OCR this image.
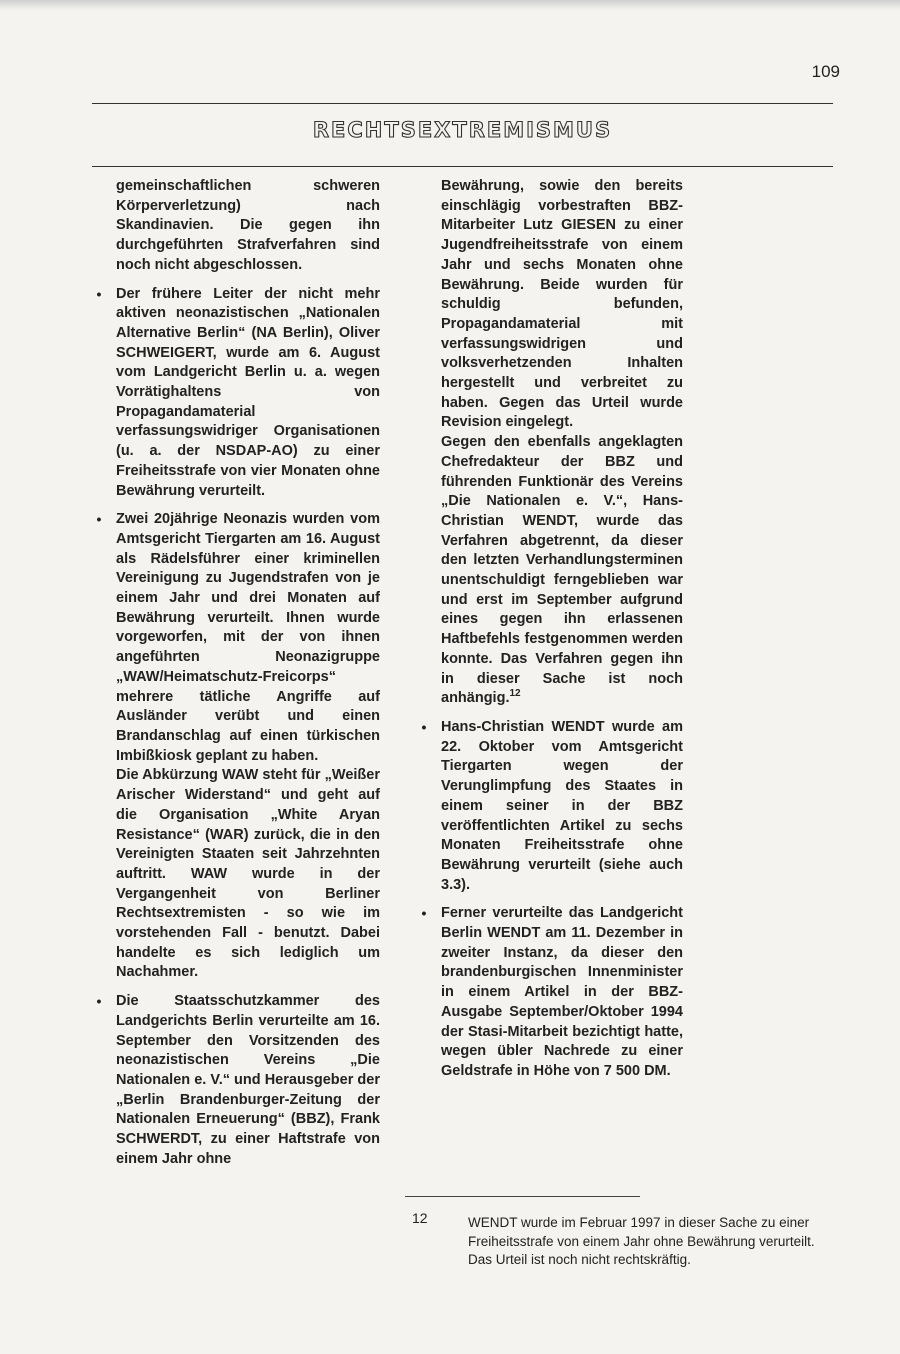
109
RECHTSEXTREMISMUS

gemeinschaftlichen schweren Körperverletzung) nach Skandinavien. Die gegen ihn durchgeführten Strafverfahren sind noch nicht abgeschlossen.

•	Der frühere Leiter der nicht mehr aktiven neonazistischen „Nationalen Alternative Berlin“ (NA Berlin), Oliver SCHWEIGERT, wurde am 6. August vom Landgericht Berlin u. a. wegen Vorrätighaltens von Propagandamaterial verfassungswidriger Organisationen (u. a. der NSDAP-AO) zu einer Freiheitsstrafe von vier Monaten ohne Bewährung verurteilt.

•	Zwei 20jährige Neonazis wurden vom Amtsgericht Tiergarten am 16. August als Rädelsführer einer kriminellen Vereinigung zu Jugendstrafen von je einem Jahr und drei Monaten auf Bewährung verurteilt. Ihnen wurde vorgeworfen, mit der von ihnen angeführten Neonazigruppe „WAW/Heimatschutz-Freicorps“ mehrere tätliche Angriffe auf Ausländer verübt und einen Brandanschlag auf einen türkischen Imbißkiosk geplant zu haben.

Die Abkürzung WAW steht für „Weißer Arischer Widerstand“ und geht auf die Organisation „White Aryan Resistance“ (WAR) zurück, die in den Vereinigten Staaten seit Jahrzehnten auftritt. WAW wurde in der Vergangenheit von Berliner Rechtsextremisten - so wie im vorstehenden Fall - benutzt. Dabei handelte es sich lediglich um Nachahmer.

•	Die Staatsschutzkammer des Landgerichts Berlin verurteilte am 16. September den Vorsitzenden des neonazistischen Vereins „Die Nationalen e. V.“ und Herausgeber der „Berlin Brandenburger-Zeitung der Nationalen Erneuerung“ (BBZ), Frank SCHWERDT, zu einer Haftstrafe von einem Jahr ohne

Bewährung, sowie den bereits einschlägig vorbestraften BBZ-Mitarbeiter Lutz GIESEN zu einer Jugendfreiheitsstrafe von einem Jahr und sechs Monaten ohne Bewährung. Beide wurden für schuldig befunden, Propagandamaterial mit verfassungswidrigen und volksverhetzenden Inhalten hergestellt und verbreitet zu haben. Gegen das Urteil wurde Revision eingelegt.

Gegen den ebenfalls angeklagten Chefredakteur der BBZ und führenden Funktionär des Vereins „Die Nationalen e. V.“, Hans-Christian WENDT, wurde das Verfahren abgetrennt, da dieser den letzten Verhandlungsterminen unentschuldigt ferngeblieben war und erst im September aufgrund eines gegen ihn erlassenen Haftbefehls festgenommen werden konnte. Das Verfahren gegen ihn in dieser Sache ist noch anhängig.$^{12}$

•	Hans-Christian WENDT wurde am 22. Oktober vom Amtsgericht Tiergarten wegen der Verunglimpfung des Staates in einem seiner in der BBZ veröffentlichten Artikel zu sechs Monaten Freiheitsstrafe ohne Bewährung verurteilt (siehe auch 3.3).

•	Ferner verurteilte das Landgericht Berlin WENDT am 11. Dezember in zweiter Instanz, da dieser den brandenburgischen Innenminister in einem Artikel in der BBZ-Ausgabe September/Oktober 1994 der Stasi-Mitarbeit bezichtigt hatte, wegen übler Nachrede zu einer Geldstrafe in Höhe von 7 500 DM.

12	WENDT wurde im Februar 1997 in dieser Sache zu einer Freiheitsstrafe von einem Jahr ohne Bewährung verurteilt. Das Urteil ist noch nicht rechtskräftig.
